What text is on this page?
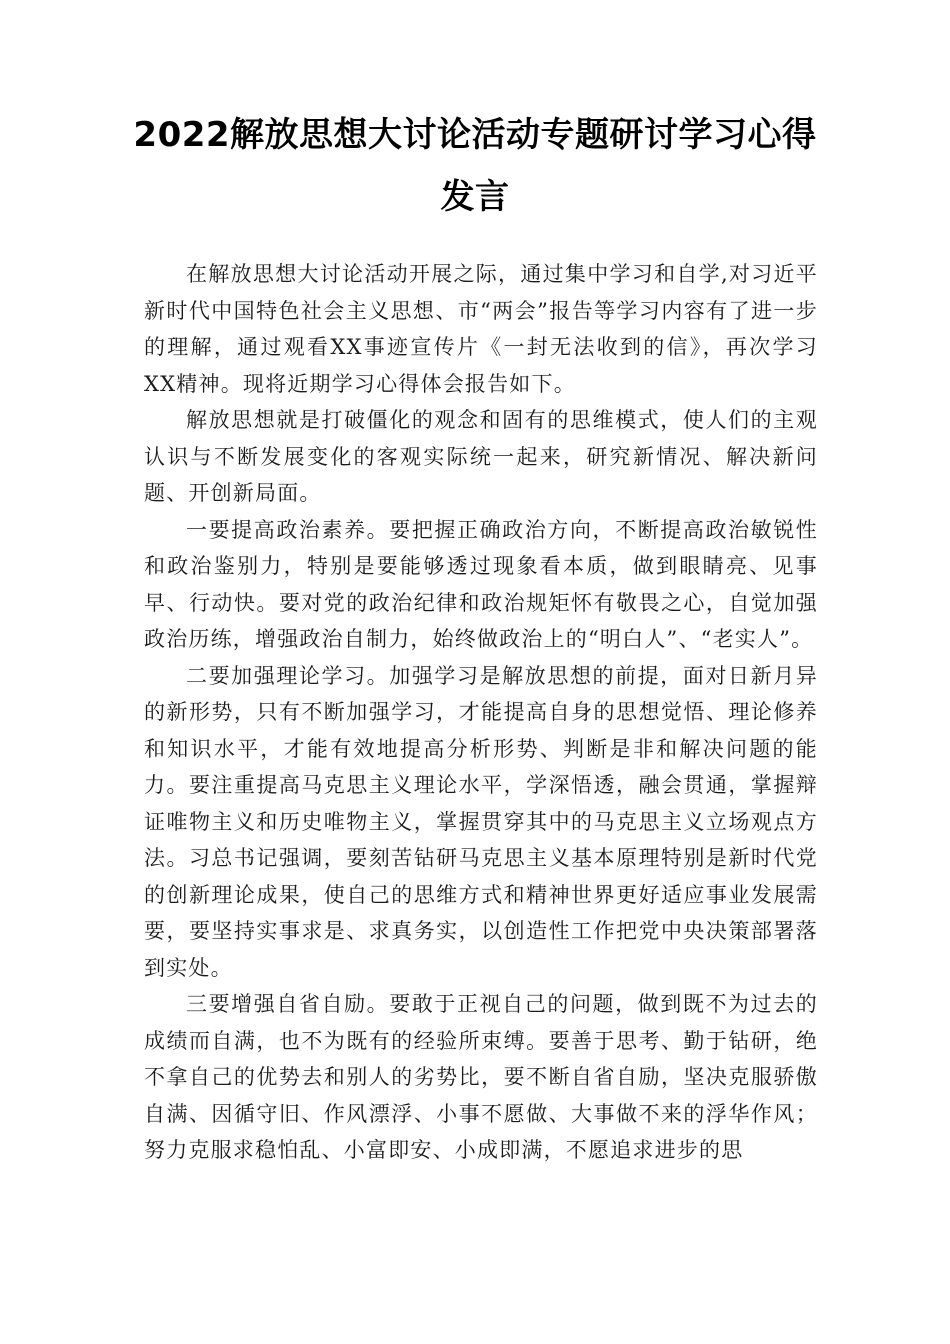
2022解放思想大讨论活动专题研讨学习心得
发言

在解放思想大讨论活动开展之际，通过集中学习和自学,对习近平新时代中国特色社会主义思想、市“两会”报告等学习内容有了进一步的理解，通过观看XX事迹宣传片《一封无法收到的信》，再次学习XX精神。现将近期学习心得体会报告如下。

解放思想就是打破僵化的观念和固有的思维模式，使人们的主观认识与不断发展变化的客观实际统一起来，研究新情况、解决新问题、开创新局面。

一要提高政治素养。要把握正确政治方向，不断提高政治敏锐性和政治鉴别力，特别是要能够透过现象看本质，做到眼睛亮、见事早、行动快。要对党的政治纪律和政治规矩怀有敬畏之心，自觉加强政治历练，增强政治自制力，始终做政治上的“明白人”、“老实人”。

二要加强理论学习。加强学习是解放思想的前提，面对日新月异的新形势，只有不断加强学习，才能提高自身的思想觉悟、理论修养和知识水平，才能有效地提高分析形势、判断是非和解决问题的能力。要注重提高马克思主义理论水平，学深悟透，融会贯通，掌握辩证唯物主义和历史唯物主义，掌握贯穿其中的马克思主义立场观点方法。习总书记强调，要刻苦钻研马克思主义基本原理特别是新时代党的创新理论成果，使自己的思维方式和精神世界更好适应事业发展需要，要坚持实事求是、求真务实，以创造性工作把党中央决策部署落到实处。

三要增强自省自励。要敢于正视自己的问题，做到既不为过去的成绩而自满，也不为既有的经验所束缚。要善于思考、勤于钻研，绝不拿自己的优势去和别人的劣势比，要不断自省自励，坚决克服骄傲自满、因循守旧、作风漂浮、小事不愿做、大事做不来的浮华作风；努力克服求稳怕乱、小富即安、小成即满，不愿追求进步的思
